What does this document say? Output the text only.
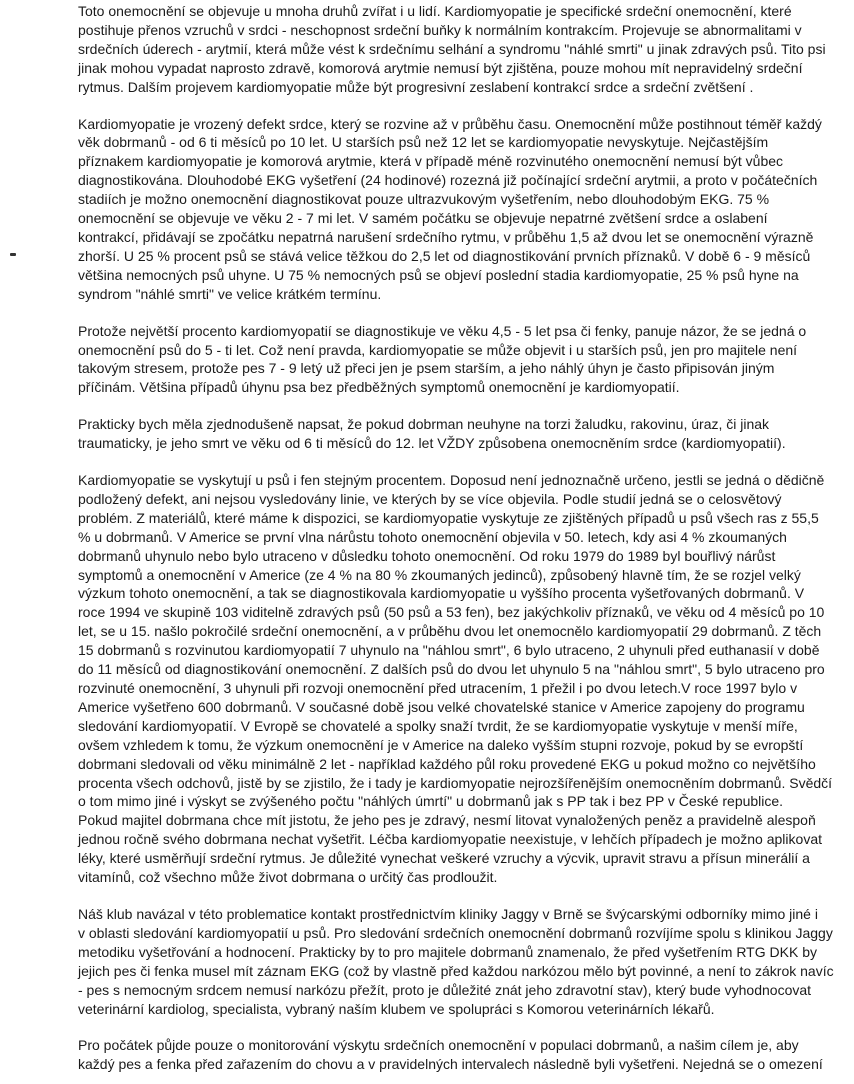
Toto onemocnění se objevuje u mnoha druhů zvířat i u lidí. Kardiomyopatie je specifické srdeční onemocnění, které
postihuje přenos vzruchů v srdci - neschopnost srdeční buňky k normálním kontrakcím. Projevuje se abnormalitami v
srdečních úderech - arytmií, která může vést k srdečnímu selhání a syndromu "náhlé smrti" u jinak zdravých psů. Tito psi
jinak mohou vypadat naprosto zdravě, komorová arytmie nemusí být zjištěna, pouze mohou mít nepravidelný srdeční
rytmus. Dalším projevem kardiomyopatie může být progresivní zeslabení kontrakcí srdce a srdeční zvětšení .
Kardiomyopatie je vrozený defekt srdce, který se rozvine až v průběhu času. Onemocnění může postihnout téměř každý
věk dobrmanů - od 6 ti měsíců po 10 let. U starších psů než 12 let se kardiomyopatie nevyskytuje. Nejčastějším
příznakem kardiomyopatie je komorová arytmie, která v případě méně rozvinutého onemocnění nemusí být vůbec
diagnostikována. Dlouhodobé EKG vyšetření (24 hodinové) rozezná již počínající srdeční arytmii, a proto v počátečních
stadiích je možno onemocnění diagnostikovat pouze ultrazvukovým vyšetřením, nebo dlouhodobým EKG. 75 %
onemocnění se objevuje ve věku 2 - 7 mi let. V samém počátku se objevuje nepatrné zvětšení srdce a oslabení
kontrakcí, přidávají se zpočátku nepatrná narušení srdečního rytmu, v průběhu 1,5 až dvou let se onemocnění výrazně
zhorší. U 25 % procent psů se stává velice těžkou do 2,5 let od diagnostikování prvních příznaků. V době 6 - 9 měsíců
většina nemocných psů uhyne. U 75 % nemocných psů se objeví poslední stadia kardiomyopatie, 25 % psů hyne na
syndrom "náhlé smrti" ve velice krátkém termínu.
Protože největší procento kardiomyopatií se diagnostikuje ve věku 4,5 - 5 let psa či fenky, panuje názor, že se jedná o
onemocnění psů do 5 - ti let. Což není pravda, kardiomyopatie se může objevit i u starších psů, jen pro majitele není
takovým stresem, protože pes 7 - 9 letý už přeci jen je psem starším, a jeho náhlý úhyn je často připisován jiným
příčinám. Většina případů úhynu psa bez předběžných symptomů onemocnění je kardiomyopatií.
Prakticky bych měla zjednodušeně napsat, že pokud dobrman neuhyne na torzi žaludku, rakovinu, úraz, či jinak
traumaticky, je jeho smrt ve věku od 6 ti měsíců do 12. let VŽDY způsobena onemocněním srdce (kardiomyopatií).
Kardiomyopatie se vyskytují u psů i fen stejným procentem. Doposud není jednoznačně určeno, jestli se jedná o dědičně
podložený defekt, ani nejsou vysledovány linie, ve kterých by se více objevila. Podle studií jedná se o celosvětový
problém. Z materiálů, které máme k dispozici, se kardiomyopatie vyskytuje ze zjištěných případů u psů všech ras z 55,5
% u dobrmanů. V Americe se první vlna nárůstu tohoto onemocnění objevila v 50. letech, kdy asi 4 % zkoumaných
dobrmanů uhynulo nebo bylo utraceno v důsledku tohoto onemocnění. Od roku 1979 do 1989 byl bouřlivý nárůst
symptomů a onemocnění v Americe (ze 4 % na 80 % zkoumaných jedinců), způsobený hlavně tím, že se rozjel velký
výzkum tohoto onemocnění, a tak se diagnostikovala kardiomyopatie u vyššího procenta vyšetřovaných dobrmanů. V
roce 1994 ve skupině 103 viditelně zdravých psů (50 psů a 53 fen), bez jakýchkoliv příznaků, ve věku od 4 měsíců po 10
let, se u 15. našlo pokročilé srdeční onemocnění, a v průběhu dvou let onemocnělo kardiomyopatií 29 dobrmanů. Z těch
15 dobrmanů s rozvinutou kardiomyopatií 7 uhynulo na "náhlou smrt", 6 bylo utraceno, 2 uhynuli před euthanasií v době
do 11 měsíců od diagnostikování onemocnění. Z dalších psů do dvou let uhynulo 5 na "náhlou smrt", 5 bylo utraceno pro
rozvinuté onemocnění, 3 uhynuli při rozvoji onemocnění před utracením, 1 přežil i po dvou letech.V roce 1997 bylo v
Americe vyšetřeno 600 dobrmanů. V současné době jsou velké chovatelské stanice v Americe zapojeny do programu
sledování kardiomyopatií. V Evropě se chovatelé a spolky snaží tvrdit, že se kardiomyopatie vyskytuje v menší míře,
ovšem vzhledem k tomu, že výzkum onemocnění je v Americe na daleko vyšším stupni rozvoje, pokud by se evropští
dobrmani sledovali od věku minimálně 2 let - například každého půl roku provedené EKG u pokud možno co největšího
procenta všech odchovů, jistě by se zjistilo, že i tady je kardiomyopatie nejrozšířenějším onemocněním dobrmanů. Svědčí
o tom mimo jiné i výskyt se zvýšeného počtu "náhlých úmrtí" u dobrmanů jak s PP tak i bez PP v České republice.
Pokud majitel dobrmana chce mít jistotu, že jeho pes je zdravý, nesmí litovat vynaložených peněz a pravidelně alespoň
jednou ročně svého dobrmana nechat vyšetřit. Léčba kardiomyopatie neexistuje, v lehčích případech je možno aplikovat
léky, které usměrňují srdeční rytmus. Je důležité vynechat veškeré vzruchy a výcvik, upravit stravu a přísun minerálií a
vitamínů, což všechno může život dobrmana o určitý čas prodloužit.
Náš klub navázal v této problematice kontakt prostřednictvím kliniky Jaggy v Brně se švýcarskými odborníky mimo jiné i
v oblasti sledování kardiomyopatií u psů. Pro sledování srdečních onemocnění dobrmanů rozvíjíme spolu s klinikou Jaggy
metodiku vyšetřování a hodnocení. Prakticky by to pro majitele dobrmanů znamenalo, že před vyšetřením RTG DKK by
jejich pes či fenka musel mít záznam EKG (což by vlastně před každou narkózou mělo být povinné, a není to zákrok navíc
- pes s nemocným srdcem nemusí narkózu přežít, proto je důležité znát jeho zdravotní stav), který bude vyhodnocovat
veterinární kardiolog, specialista, vybraný naším klubem ve spolupráci s Komorou veterinárních lékařů.
Pro počátek půjde pouze o monitorování výskytu srdečních onemocnění v populaci dobrmanů, a našim cílem je, aby
každý pes a fenka před zařazením do chovu a v pravidelných intervalech následně byli vyšetřeni. Nejedná se o omezení
